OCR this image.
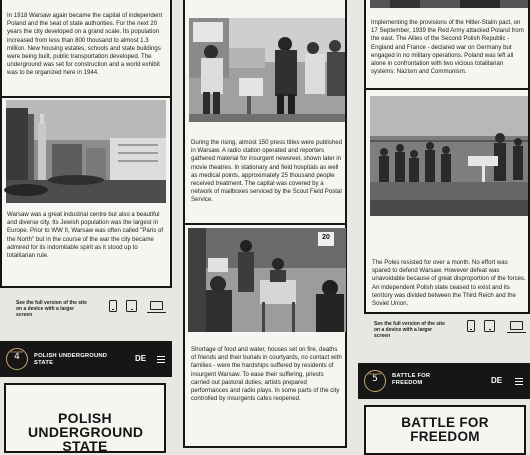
In 1918 Warsaw again became the capital of independent Poland and the seat of state authorities. For the next 20 years the city developed on a grand scale. Its population increased from less than 800 thousand to almost 1.3 million. New housing estates, schools and state buildings were being built, public transportation developed. The underground was set for construction and a world exhibit was to be organized here in 1944.

Warsaw was a great industrial centre but also a beautiful and diverse city. Its Jewish population was the largest in Europe. Prior to WW II, Warsaw was often called "Paris of the North" but in the course of the war the city became admired for its indomitable spirit as it stood up to totalitarian rule.

See the full version of the site on a device with a larger screen

chapter
4	POLISH UNDERGROUND STATE	DE
POLISH UNDERGROUND STATE

During the rising, almost 150 press titles were published in Warsaw. A radio station operated and reporters gathered material for insurgent newsreel, shown later in movie theatres. In stationary and field hospitals as well as medical points, approximately 25 thousand people received treatment. The capital was covered by a network of mailboxes serviced by the Scout Field Postal Service.

20

Shortage of food and water, houses set on fire, deaths of friends and their burials in courtyards, no contact with families - were the hardships suffered by residents of insurgent Warsaw. To ease their suffering, priests carried out pastoral duties, artists prepared performances and radio plays. In some parts of the city controlled by insurgents cafes reopened.

Implementing the provisions of the Hitler-Stalin pact, on 17 September, 1939 the Red Army attacked Poland from the east. The Allies of the Second Polish Republic - England and France - declared war on Germany but engaged in no military operations. Poland was left all alone in confrontation with two vicious totalitarian systems: Nazism and Communism.

The Poles resisted for over a month. No effort was spared to defend Warsaw. However defeat was unavoidable because of great disproportion of the forces. An independent Polish state ceased to exist and its territory was divided between the Third Reich and the Soviet Union.

See the full version of the site on a device with a larger screen

chapter
5	BATTLE FOR FREEDOM	DE
BATTLE FOR FREEDOM
